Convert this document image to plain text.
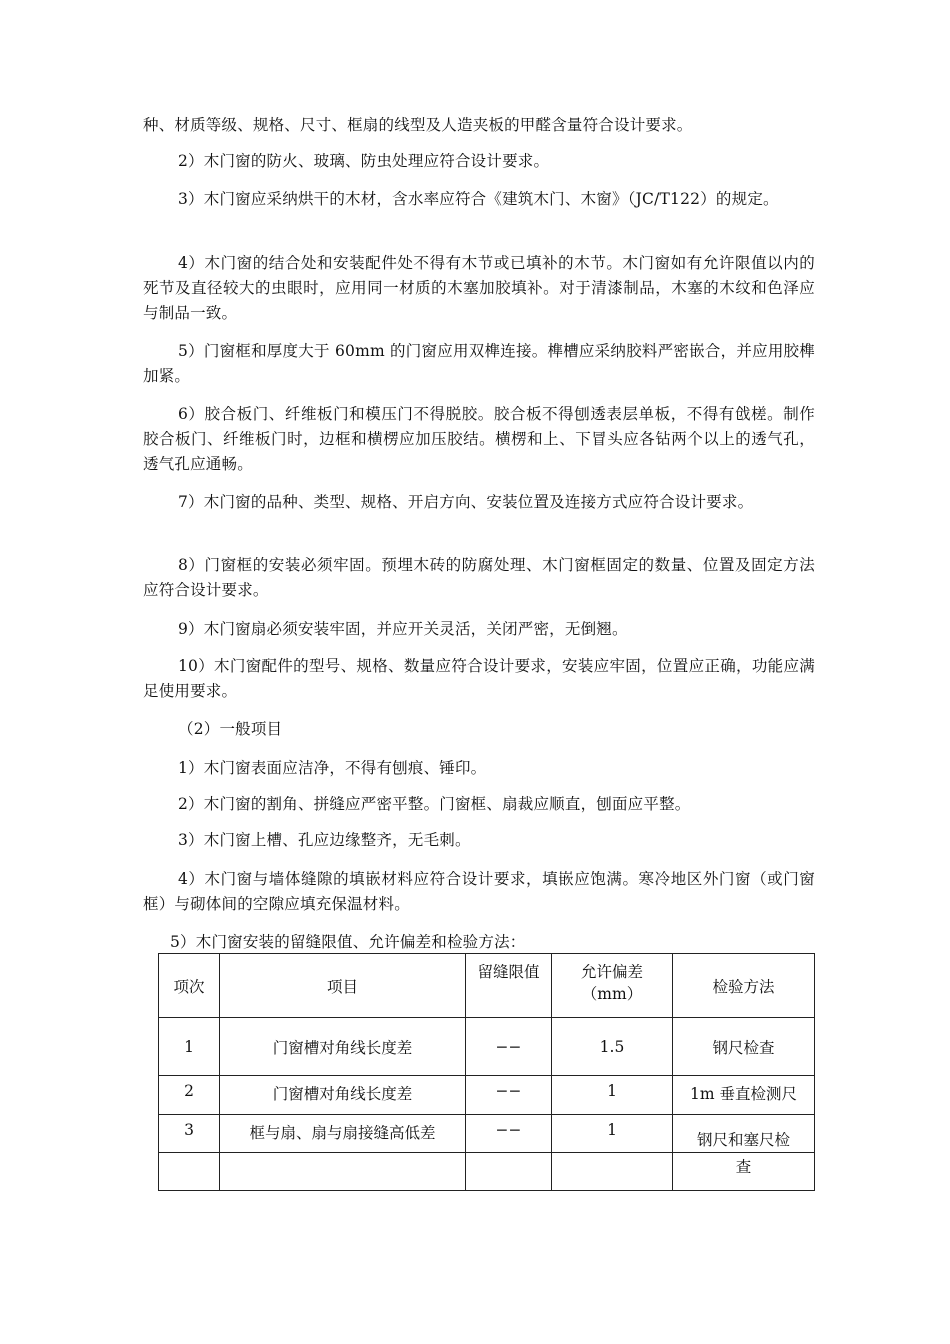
种、材质等级、规格、尺寸、框扇的线型及人造夹板的甲醛含量符合设计要求。

2）木门窗的防火、玻璃、防虫处理应符合设计要求。

3）木门窗应采纳烘干的木材，含水率应符合《建筑木门、木窗》（JC/T122）的规定。

4）木门窗的结合处和安装配件处不得有木节或已填补的木节。木门窗如有允许限值以内的死节及直径较大的虫眼时，应用同一材质的木塞加胶填补。对于清漆制品，木塞的木纹和色泽应与制品一致。

5）门窗框和厚度大于 60mm 的门窗应用双榫连接。榫槽应采纳胶料严密嵌合，并应用胶榫加紧。

6）胶合板门、纤维板门和模压门不得脱胶。胶合板不得刨透表层单板，不得有戗槎。制作胶合板门、纤维板门时，边框和横楞应加压胶结。横楞和上、下冒头应各钻两个以上的透气孔，透气孔应通畅。

7）木门窗的品种、类型、规格、开启方向、安装位置及连接方式应符合设计要求。

8）门窗框的安装必须牢固。预埋木砖的防腐处理、木门窗框固定的数量、位置及固定方法应符合设计要求。

9）木门窗扇必须安装牢固，并应开关灵活，关闭严密，无倒翘。

10）木门窗配件的型号、规格、数量应符合设计要求，安装应牢固，位置应正确，功能应满足使用要求。

（2）一般项目

1）木门窗表面应洁净，不得有刨痕、锤印。

2）木门窗的割角、拼缝应严密平整。门窗框、扇裁应顺直，刨面应平整。

3）木门窗上槽、孔应边缘整齐，无毛刺。

4）木门窗与墙体缝隙的填嵌材料应符合设计要求，填嵌应饱满。寒冷地区外门窗（或门窗框）与砌体间的空隙应填充保温材料。

5）木门窗安装的留缝限值、允许偏差和检验方法：

项次	项目	留缝限值	允许偏差（mm）	检验方法
1	门窗槽对角线长度差	−−	1.5	钢尺检查
2	门窗槽对角线长度差	−−	1	1m 垂直检测尺
3	框与扇、扇与扇接缝高低差	−−	1	钢尺和塞尺检
				查
